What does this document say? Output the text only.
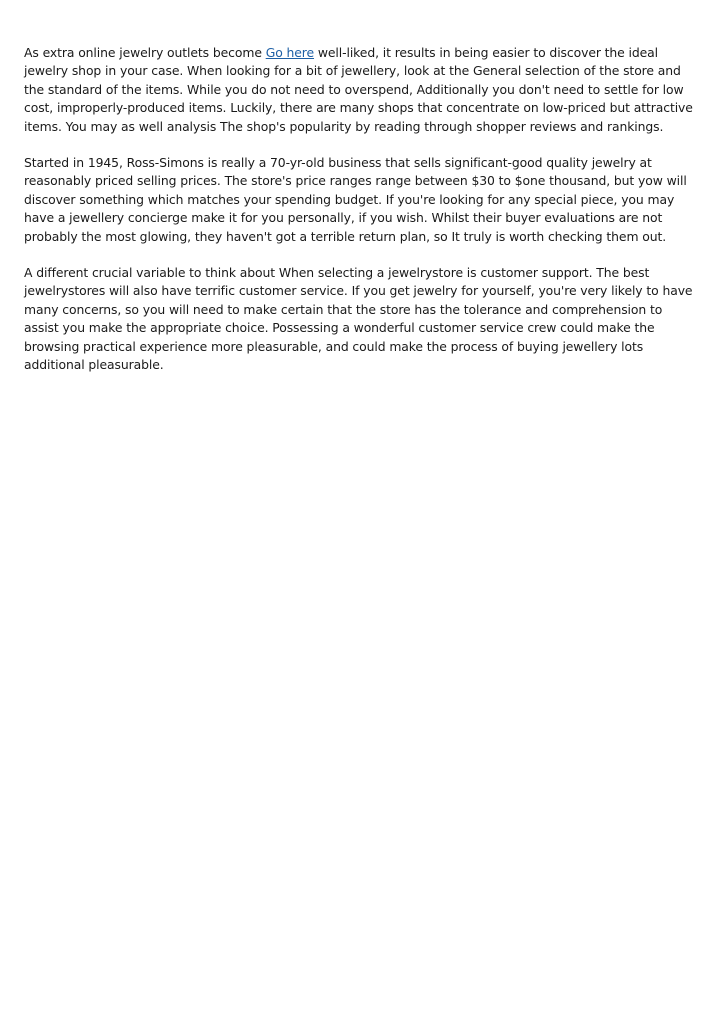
As extra online jewelry outlets become Go here well-liked, it results in being easier to discover the ideal jewelry shop in your case. When looking for a bit of jewellery, look at the General selection of the store and the standard of the items. While you do not need to overspend, Additionally you don't need to settle for low cost, improperly-produced items. Luckily, there are many shops that concentrate on low-priced but attractive items. You may as well analysis The shop's popularity by reading through shopper reviews and rankings.

Started in 1945, Ross-Simons is really a 70-yr-old business that sells significant-good quality jewelry at reasonably priced selling prices. The store's price ranges range between $30 to $one thousand, but yow will discover something which matches your spending budget. If you're looking for any special piece, you may have a jewellery concierge make it for you personally, if you wish. Whilst their buyer evaluations are not probably the most glowing, they haven't got a terrible return plan, so It truly is worth checking them out.

A different crucial variable to think about When selecting a jewelrystore is customer support. The best jewelrystores will also have terrific customer service. If you get jewelry for yourself, you're very likely to have many concerns, so you will need to make certain that the store has the tolerance and comprehension to assist you make the appropriate choice. Possessing a wonderful customer service crew could make the browsing practical experience more pleasurable, and could make the process of buying jewellery lots additional pleasurable.
